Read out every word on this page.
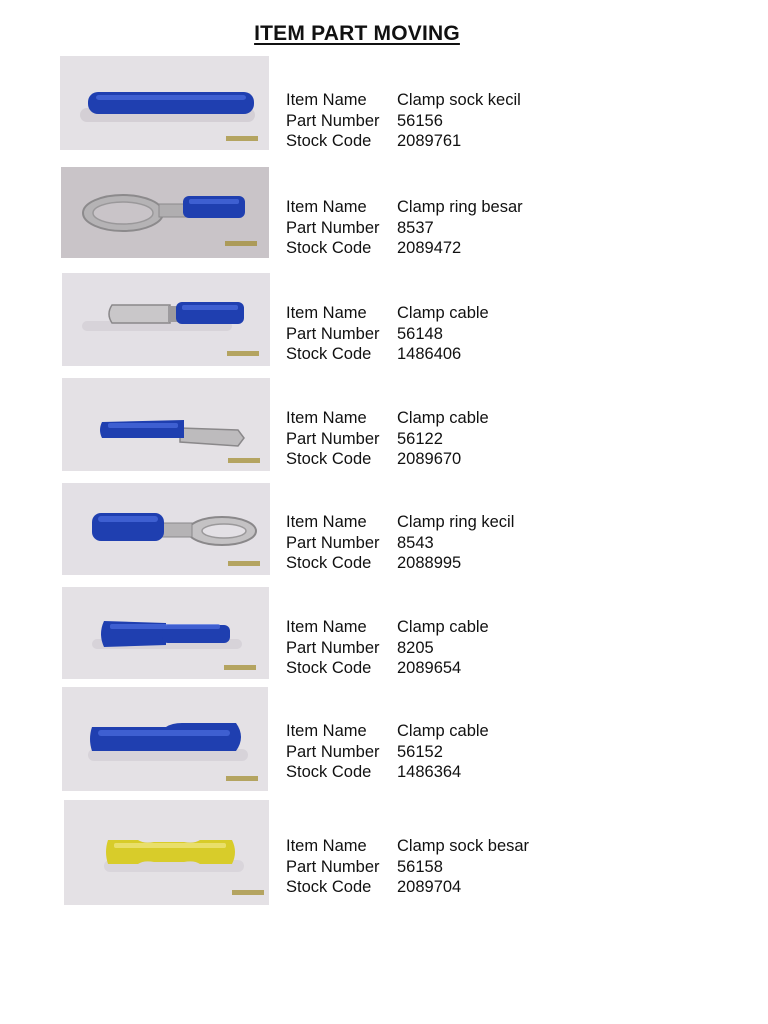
ITEM PART MOVING
Item Name	Clamp sock kecil
Part Number	56156
Stock Code	2089761
Item Name	Clamp ring besar
Part Number	8537
Stock Code	2089472
Item Name	Clamp cable
Part Number	56148
Stock Code	1486406
Item Name	Clamp cable
Part Number	56122
Stock Code	2089670
Item Name	Clamp ring kecil
Part Number	8543
Stock Code	2088995
Item Name	Clamp cable
Part Number	8205
Stock Code	2089654
Item Name	Clamp cable
Part Number	56152
Stock Code	1486364
Item Name	Clamp sock besar
Part Number	56158
Stock Code	2089704
